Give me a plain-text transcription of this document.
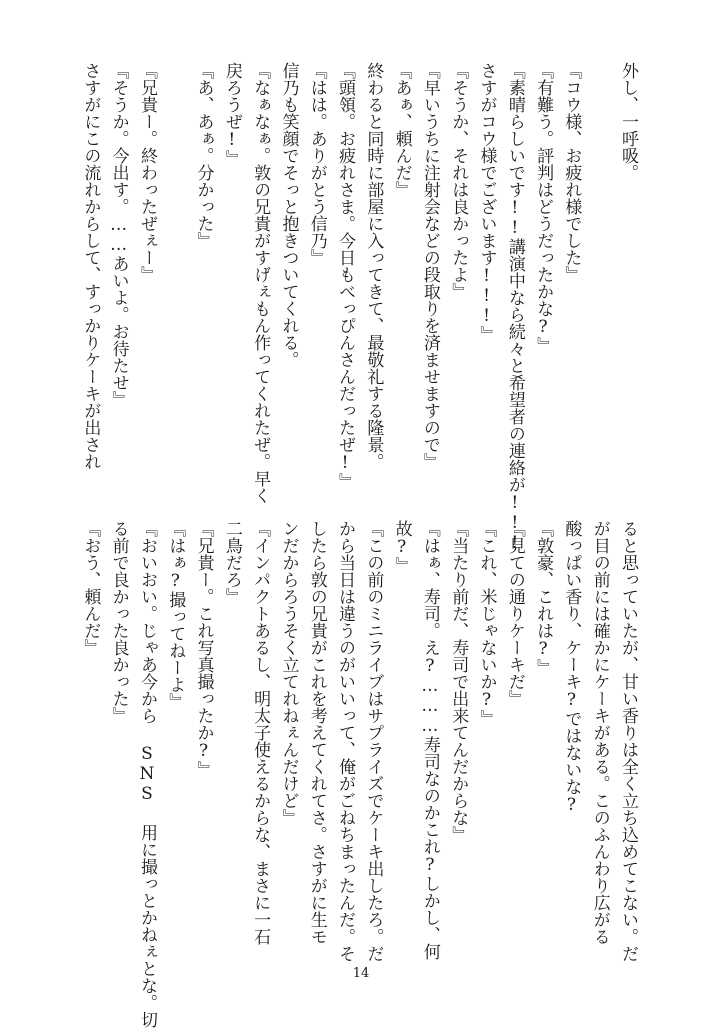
外し、一呼吸。

『コウ様、お疲れ様でした』
『有難う。評判はどうだったかな?』
『素晴らしいです!!講演中なら続々と希望者の連絡が!!!
さすがコウ様でございます!!!』
『そうか、それは良かったよ』
『早いうちに注射会などの段取りを済ませますので』
『あぁ、頼んだ』
終わると同時に部屋に入ってきて、最敬礼する隆景。
『頭領。お疲れさま。今日もべっぴんさんだったぜ!』
『はは。ありがとう信乃』
信乃も笑顔でそっと抱きついてくれる。
『なぁなぁ。敦の兄貴がすげぇもん作ってくれたぜ。早く
戻ろうぜ!』
『あ、あぁ。分かった』

『兄貴ー。終わったぜぇー』
『そうか。今出す。……あいよ。お待たせ』
さすがにこの流れからして、すっかりケーキが出され
ると思っていたが、甘い香りは全く立ち込めてこない。だ
が目の前には確かにケーキがある。このふんわり広がる
酸っぱい香り、ケーキ?ではないな?
『敦豪、これは?』
『見ての通りケーキだ』
『これ、米じゃないか?』
『当たり前だ、寿司で出来てんだからな』
『はぁ、寿司。え?………寿司なのかこれ?しかし、何
故?』
『この前のミニライブはサプライズでケーキ出したろ。だ
から当日は違うのがいいって、俺がごねちまったんだ。そ
したら敦の兄貴がこれを考えてくれてさ。さすがに生モ
ンだからろうそく立てれねぇんだけど』
『インパクトあるし、明太子使えるからな、まさに一石
二鳥だろ』
『兄貴ー。これ写真撮ったか?』
『はぁ?撮ってねーよ』
『おいおい。じゃあ今から SNS 用に撮っとかねぇとな。切
る前で良かった良かった』
『おう、頼んだ』
14
